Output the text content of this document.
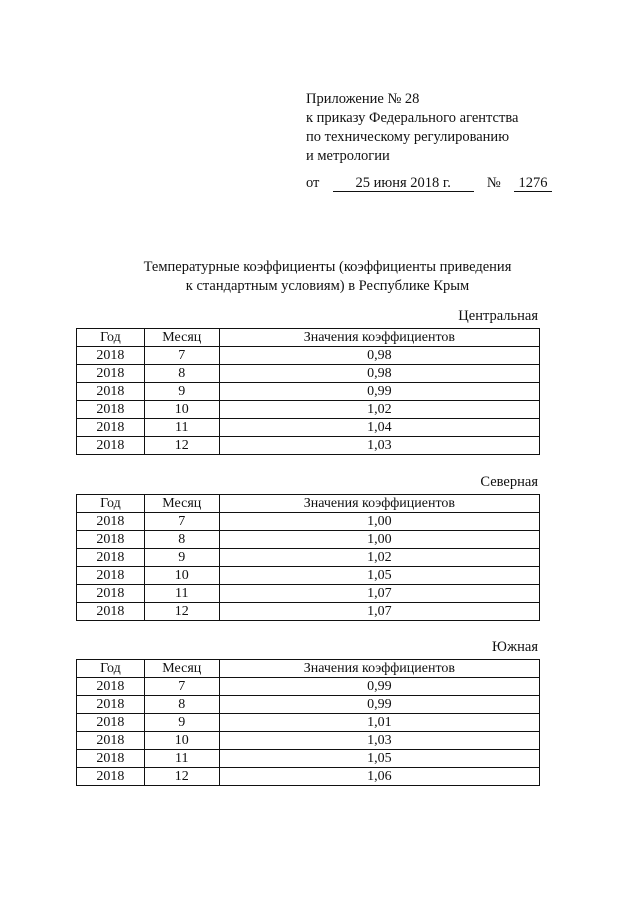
Приложение № 28
к приказу Федерального агентства
по техническому регулированию
и метрологии
от 25 июня 2018 г. № 1276
Температурные коэффициенты (коэффициенты приведения
к стандартным условиям) в Республике Крым
Центральная
Год	Месяц	Значения коэффициентов
2018	7	0,98
2018	8	0,98
2018	9	0,99
2018	10	1,02
2018	11	1,04
2018	12	1,03
Северная
Год	Месяц	Значения коэффициентов
2018	7	1,00
2018	8	1,00
2018	9	1,02
2018	10	1,05
2018	11	1,07
2018	12	1,07
Южная
Год	Месяц	Значения коэффициентов
2018	7	0,99
2018	8	0,99
2018	9	1,01
2018	10	1,03
2018	11	1,05
2018	12	1,06
